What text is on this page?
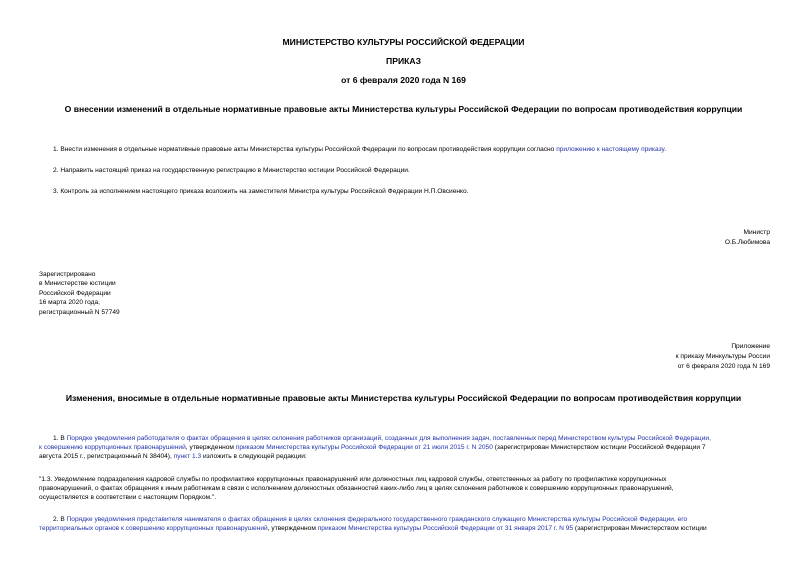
МИНИСТЕРСТВО КУЛЬТУРЫ РОССИЙСКОЙ ФЕДЕРАЦИИ
ПРИКАЗ
от 6 февраля 2020 года N 169
О внесении изменений в отдельные нормативные правовые акты Министерства культуры Российской Федерации по вопросам противодействия коррупции
1. Внести изменения в отдельные нормативные правовые акты Министерства культуры Российской Федерации по вопросам противодействия коррупции согласно приложению к настоящему приказу.
2. Направить настоящий приказ на государственную регистрацию в Министерство юстиции Российской Федерации.
3. Контроль за исполнением настоящего приказа возложить на заместителя Министра культуры Российской Федерации Н.П.Овсиенко.
Министр
О.Б.Любимова
Зарегистрировано
в Министерстве юстиции
Российской Федерации
16 марта 2020 года,
регистрационный N 57749
Приложение
к приказу Минкультуры России
от 6 февраля 2020 года N 169
Изменения, вносимые в отдельные нормативные правовые акты Министерства культуры Российской Федерации по вопросам противодействия коррупции
1. В Порядке уведомления работодателя о фактах обращения в целях склонения работников организаций, созданных для выполнения задач, поставленных перед Министерством культуры Российской Федерации,
к совершению коррупционных правонарушений, утвержденном приказом Министерства культуры Российской Федерации от 21 июля 2015 г. N 2050 (зарегистрирован Министерством юстиции Российской Федерации 7
августа 2015 г., регистрационный N 38404), пункт 1.3 изложить в следующей редакции:
"1.3. Уведомление подразделения кадровой службы по профилактике коррупционных правонарушений или должностных лиц кадровой службы, ответственных за работу по профилактике коррупционных
правонарушений, о фактах обращения к иным работникам в связи с исполнением должностных обязанностей каких-либо лиц в целях склонения работников к совершению коррупционных правонарушений,
осуществляется в соответствии с настоящим Порядком.".
2. В Порядке уведомления представителя нанимателя о фактах обращения в целях склонения федерального государственного гражданского служащего Министерства культуры Российской Федерации, его
территориальных органов к совершению коррупционных правонарушений, утвержденном приказом Министерства культуры Российской Федерации от 31 января 2017 г. N 95 (зарегистрирован Министерством юстиции
